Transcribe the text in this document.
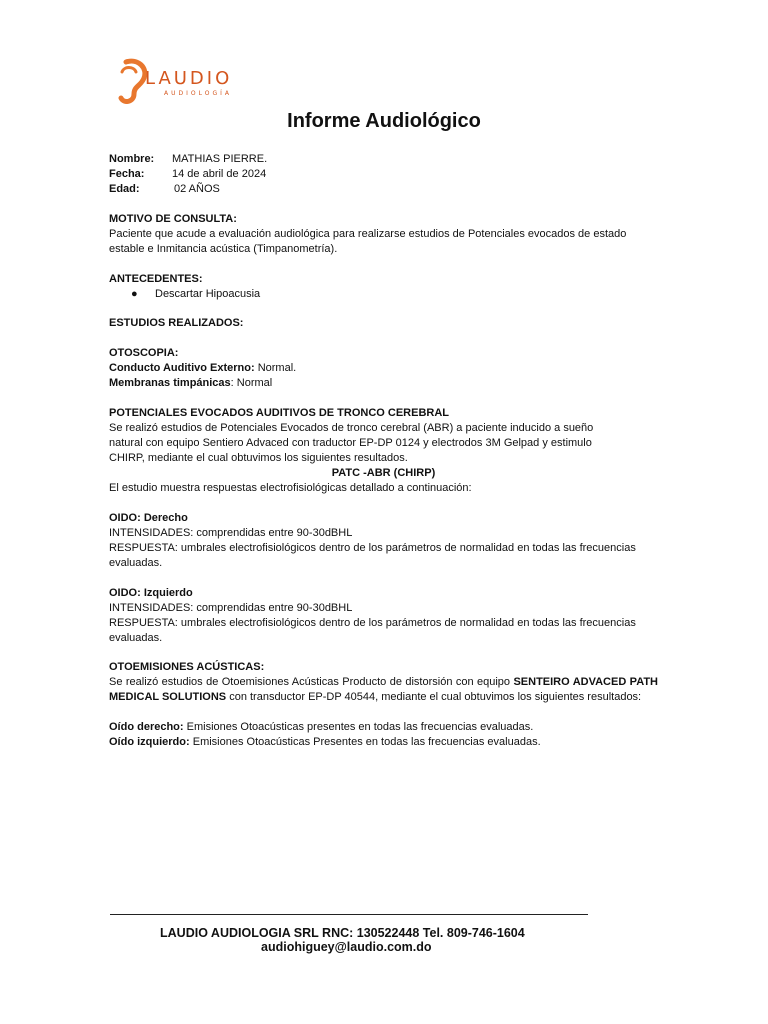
LAUDIO
AUDIOLOGÍA
Informe Audiológico
Nombre:	MATHIAS PIERRE.
Fecha:	14 de abril de 2024
Edad:	02 AÑOS

MOTIVO DE CONSULTA:

Paciente que acude a evaluación audiológica para realizarse estudios de Potenciales evocados de estado estable e Inmitancia acústica (Timpanometría).

ANTECEDENTES:

●	Descartar Hipoacusia

ESTUDIOS REALIZADOS:

OTOSCOPIA:

Conducto Auditivo Externo: Normal.

Membranas timpánicas: Normal

POTENCIALES EVOCADOS AUDITIVOS DE TRONCO CEREBRAL

Se realizó estudios de Potenciales Evocados de tronco cerebral (ABR) a paciente inducido a sueño

natural con equipo Sentiero Advaced con traductor EP-DP 0124 y electrodos 3M Gelpad y estimulo

CHIRP, mediante el cual obtuvimos los siguientes resultados.

PATC -ABR (CHIRP)

El estudio muestra respuestas electrofisiológicas detallado a continuación:

OIDO: Derecho

INTENSIDADES: comprendidas entre 90-30dBHL

RESPUESTA: umbrales electrofisiológicos dentro de los parámetros de normalidad en todas las frecuencias

evaluadas.

OIDO: Izquierdo

INTENSIDADES: comprendidas entre 90-30dBHL

RESPUESTA: umbrales electrofisiológicos dentro de los parámetros de normalidad en todas las frecuencias

evaluadas.

OTOEMISIONES ACÚSTICAS:

Se realizó estudios de Otoemisiones Acústicas Producto de distorsión con equipo SENTEIRO ADVACED PATH MEDICAL SOLUTIONS con transductor EP-DP 40544, mediante el cual obtuvimos los siguientes resultados:

Oído derecho: Emisiones Otoacústicas presentes en todas las frecuencias evaluadas.

Oído izquierdo: Emisiones Otoacústicas Presentes en todas las frecuencias evaluadas.

LAUDIO AUDIOLOGIA SRL RNC: 130522448 Tel. 809-746-1604
audiohiguey@laudio.com.do
